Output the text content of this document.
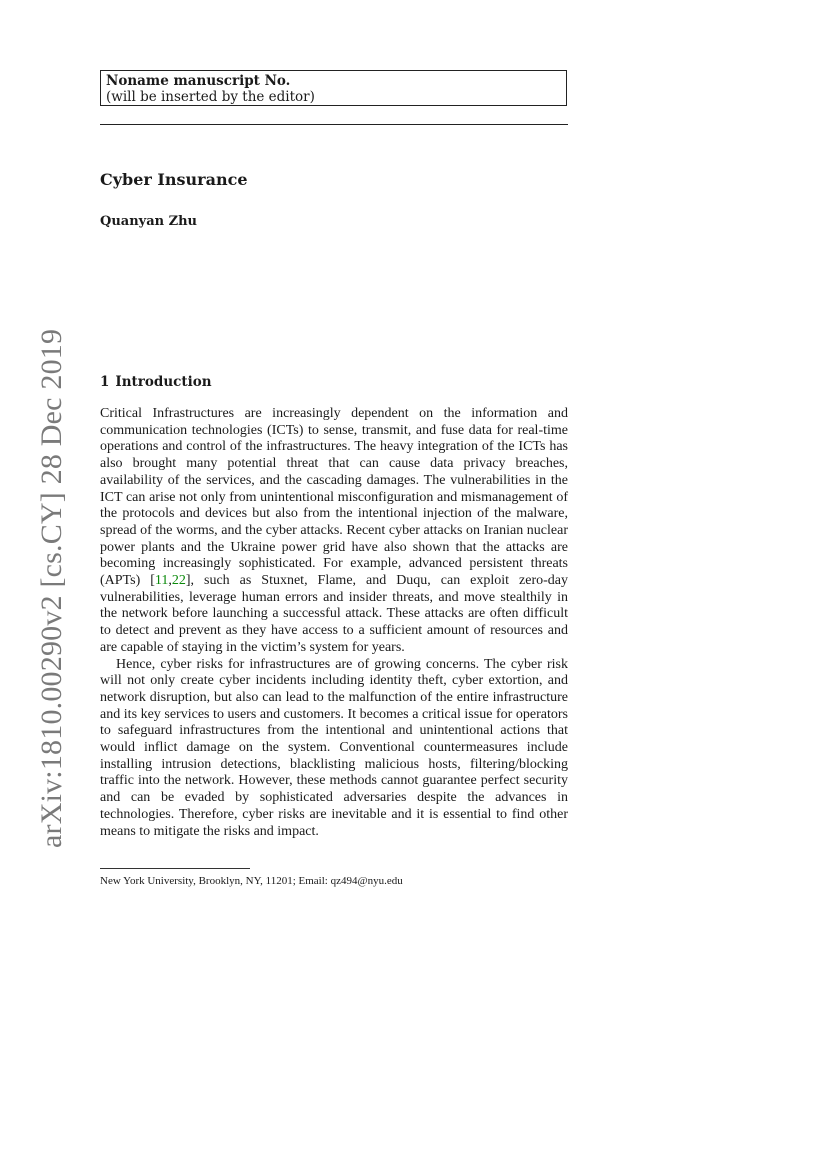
Noname manuscript No.
(will be inserted by the editor)
Cyber Insurance
Quanyan Zhu
arXiv:1810.00290v2 [cs.CY] 28 Dec 2019 1 Introduction

Critical Infrastructures are increasingly dependent on the information and communication technologies (ICTs) to sense, transmit, and fuse data for real-time operations and control of the infrastructures. The heavy integration of the ICTs has also brought many potential threat that can cause data privacy breaches, availability of the services, and the cascading damages. The vulnerabilities in the ICT can arise not only from unintentional misconfiguration and mismanagement of the protocols and devices but also from the intentional injection of the malware, spread of the worms, and the cyber attacks. Recent cyber attacks on Iranian nuclear power plants and the Ukraine power grid have also shown that the attacks are becoming increasingly sophisticated. For example, advanced persistent threats (APTs) [11,22], such as Stuxnet, Flame, and Duqu, can exploit zero-day vulnerabilities, leverage human errors and insider threats, and move stealthily in the network before launching a successful attack. These attacks are often difficult to detect and prevent as they have access to a sufficient amount of resources and are capable of staying in the victim’s system for years.

Hence, cyber risks for infrastructures are of growing concerns. The cyber risk will not only create cyber incidents including identity theft, cyber extortion, and network disruption, but also can lead to the malfunction of the entire infrastructure and its key services to users and customers. It becomes a critical issue for operators to safeguard infrastructures from the intentional and unintentional actions that would inflict damage on the system. Conventional countermeasures include installing intrusion detections, blacklisting malicious hosts, filtering/blocking traffic into the network. However, these methods cannot guarantee perfect security and can be evaded by sophisticated adversaries despite the advances in technologies. Therefore, cyber risks are inevitable and it is essential to find other means to mitigate the risks and impact.

New York University, Brooklyn, NY, 11201; Email: qz494@nyu.edu
